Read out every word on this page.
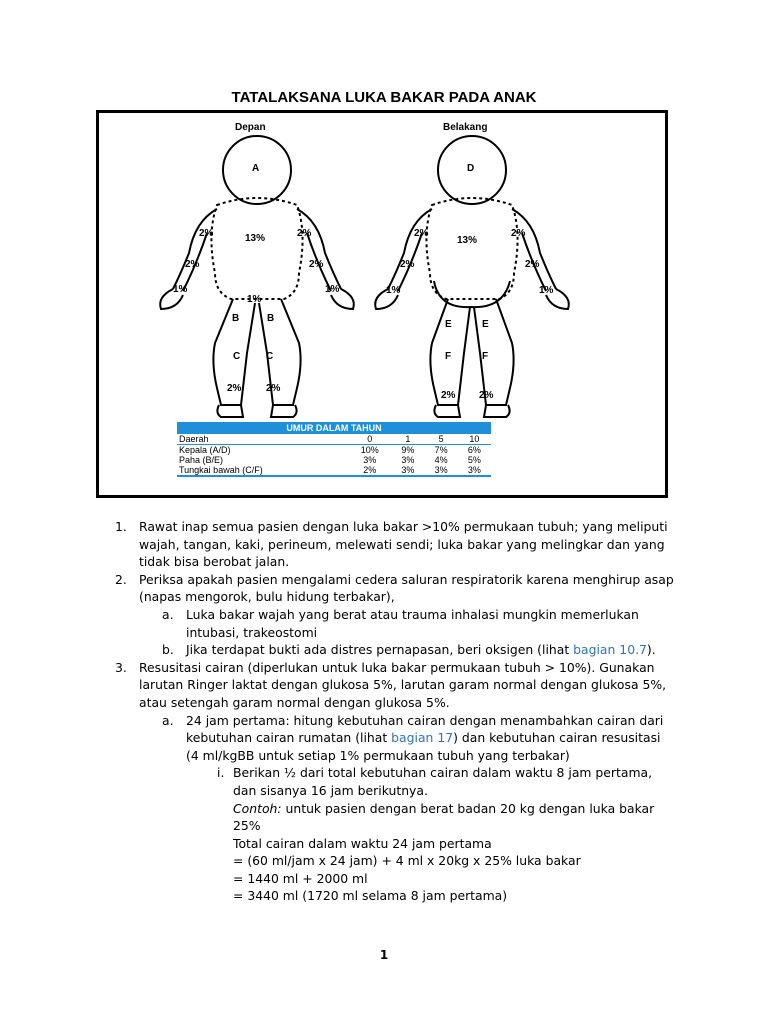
TATALAKSANA LUKA BAKAR PADA ANAK
Depan	Belakang
A
13%
2%	2%
2%	2%
1%	1%
1%
B	B
C	C
2% 2%
D
13%
2%	2%
2%	2%
1%	1%
E	E
F	F
2% 2%
UMUR DALAM TAHUN				
Daerah	0	1	5	10
Kepala (A/D)	10%	9%	7%	6%
Paha (B/E)	3%	3%	4%	5%
Tungkai bawah (C/F)	2%	3%	3%	3%
1. Rawat inap semua pasien dengan luka bakar >10% permukaan tubuh; yang meliputi wajah, tangan, kaki, perineum, melewati sendi; luka bakar yang melingkar dan yang tidak bisa berobat jalan.
2. Periksa apakah pasien mengalami cedera saluran respiratorik karena menghirup asap (napas mengorok, bulu hidung terbakar),
a. Luka bakar wajah yang berat atau trauma inhalasi mungkin memerlukan intubasi, trakeostomi
b. Jika terdapat bukti ada distres pernapasan, beri oksigen (lihat bagian 10.7).
3. Resusitasi cairan (diperlukan untuk luka bakar permukaan tubuh > 10%). Gunakan larutan Ringer laktat dengan glukosa 5%, larutan garam normal dengan glukosa 5%, atau setengah garam normal dengan glukosa 5%.
a. 24 jam pertama: hitung kebutuhan cairan dengan menambahkan cairan dari kebutuhan cairan rumatan (lihat bagian 17) dan kebutuhan cairan resusitasi (4 ml/kgBB untuk setiap 1% permukaan tubuh yang terbakar)
i. Berikan ½ dari total kebutuhan cairan dalam waktu 8 jam pertama, dan sisanya 16 jam berikutnya.
Contoh: untuk pasien dengan berat badan 20 kg dengan luka bakar 25%
Total cairan dalam waktu 24 jam pertama
= (60 ml/jam x 24 jam) + 4 ml x 20kg x 25% luka bakar
= 1440 ml + 2000 ml
= 3440 ml (1720 ml selama 8 jam pertama)
1
